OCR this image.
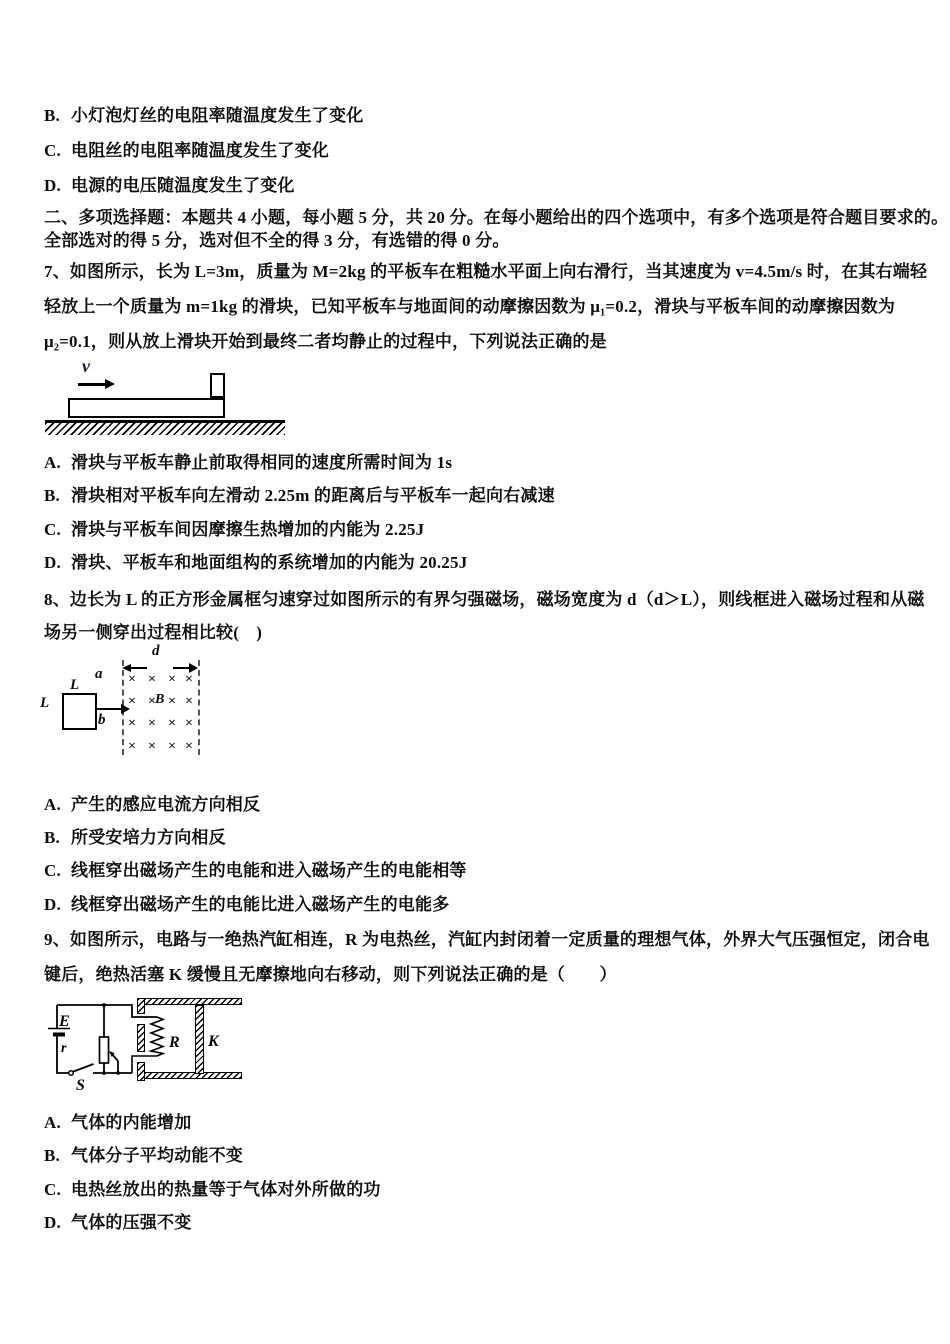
B. 小灯泡灯丝的电阻率随温度发生了变化
C. 电阻丝的电阻率随温度发生了变化
D. 电源的电压随温度发生了变化
二、多项选择题：本题共 4 小题，每小题 5 分，共 20 分。在每小题给出的四个选项中，有多个选项是符合题目要求的。
全部选对的得 5 分，选对但不全的得 3 分，有选错的得 0 分。
7、如图所示，长为 L=3m，质量为 M=2kg 的平板车在粗糙水平面上向右滑行，当其速度为 v=4.5m/s 时，在其右端轻
轻放上一个质量为 m=1kg 的滑块，已知平板车与地面间的动摩擦因数为 μ₁=0.2，滑块与平板车间的动摩擦因数为
μ₂=0.1，则从放上滑块开始到最终二者均静止的过程中，下列说法正确的是
v
A. 滑块与平板车静止前取得相同的速度所需时间为 1s
B. 滑块相对平板车向左滑动 2.25m 的距离后与平板车一起向右减速
C. 滑块与平板车间因摩擦生热增加的内能为 2.25J
D. 滑块、平板车和地面组构的系统增加的内能为 20.25J
8、边长为 L 的正方形金属框匀速穿过如图所示的有界匀强磁场，磁场宽度为 d（d＞L），则线框进入磁场过程和从磁
场另一侧穿出过程相比较(　)
d
a
L
L
b
× × × ×
× × B × ×
× × × ×
× × × ×
A. 产生的感应电流方向相反
B. 所受安培力方向相反
C. 线框穿出磁场产生的电能和进入磁场产生的电能相等
D. 线框穿出磁场产生的电能比进入磁场产生的电能多
9、如图所示，电路与一绝热汽缸相连，R 为电热丝，汽缸内封闭着一定质量的理想气体，外界大气压强恒定，闭合电
键后，绝热活塞 K 缓慢且无摩擦地向右移动，则下列说法正确的是（　　）
E
r
S
R K
A. 气体的内能增加
B. 气体分子平均动能不变
C. 电热丝放出的热量等于气体对外所做的功
D. 气体的压强不变
